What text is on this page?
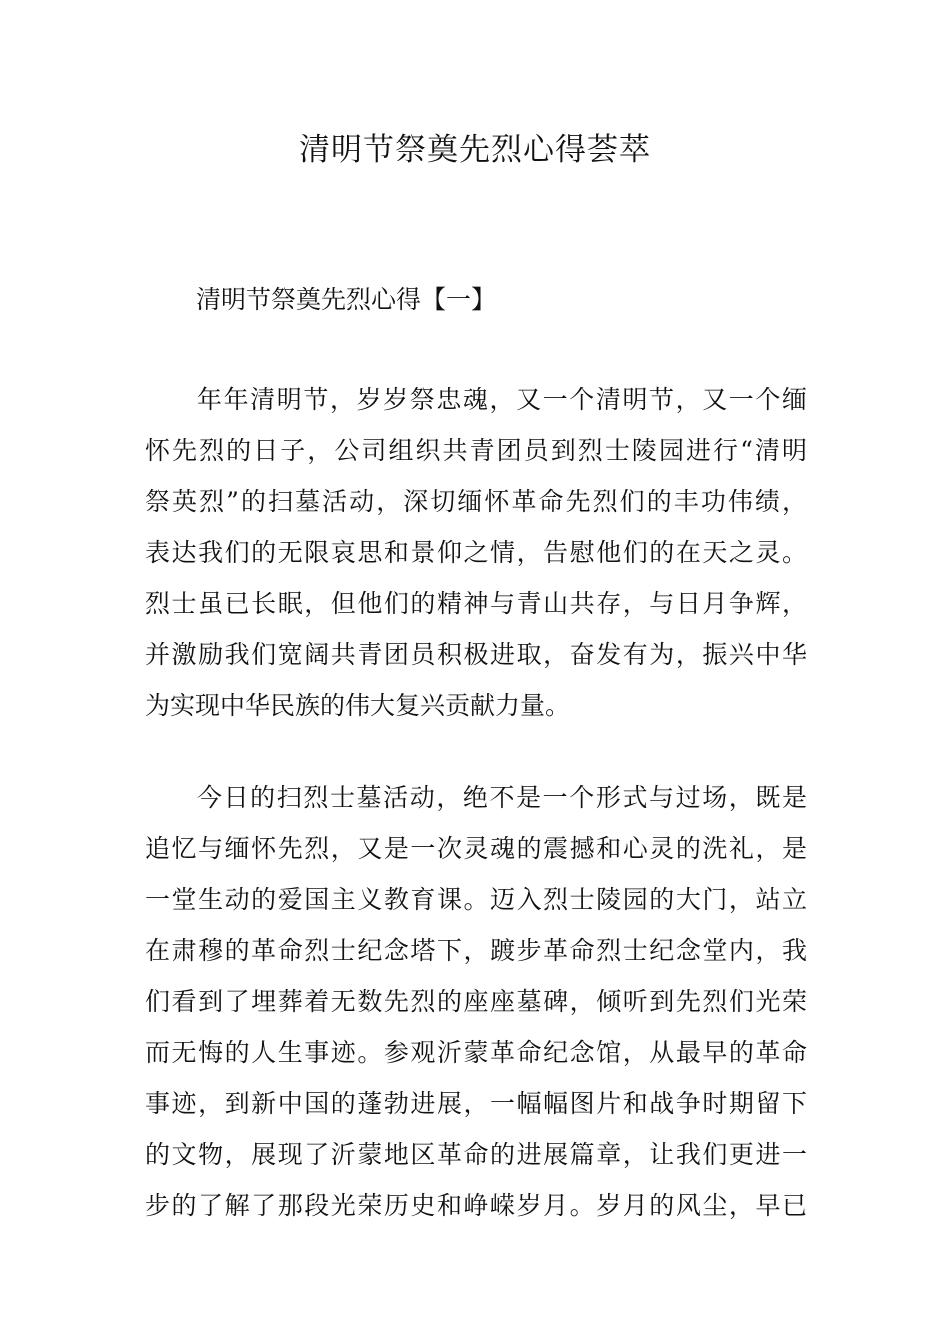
清明节祭奠先烈心得荟萃
清明节祭奠先烈心得【一】

年年清明节，岁岁祭忠魂，又一个清明节，又一个缅
怀先烈的日子，公司组织共青团员到烈士陵园进行“清明
祭英烈”的扫墓活动，深切缅怀革命先烈们的丰功伟绩，
表达我们的无限哀思和景仰之情，告慰他们的在天之灵。
烈士虽已长眠，但他们的精神与青山共存，与日月争辉，
并激励我们宽阔共青团员积极进取，奋发有为，振兴中华
为实现中华民族的伟大复兴贡献力量。

今日的扫烈士墓活动，绝不是一个形式与过场，既是
追忆与缅怀先烈，又是一次灵魂的震撼和心灵的洗礼，是
一堂生动的爱国主义教育课。迈入烈士陵园的大门，站立
在肃穆的革命烈士纪念塔下，踱步革命烈士纪念堂内，我
们看到了埋葬着无数先烈的座座墓碑，倾听到先烈们光荣
而无悔的人生事迹。参观沂蒙革命纪念馆，从最早的革命
事迹，到新中国的蓬勃进展，一幅幅图片和战争时期留下
的文物，展现了沂蒙地区革命的进展篇章，让我们更进一
步的了解了那段光荣历史和峥嵘岁月。岁月的风尘，早已
